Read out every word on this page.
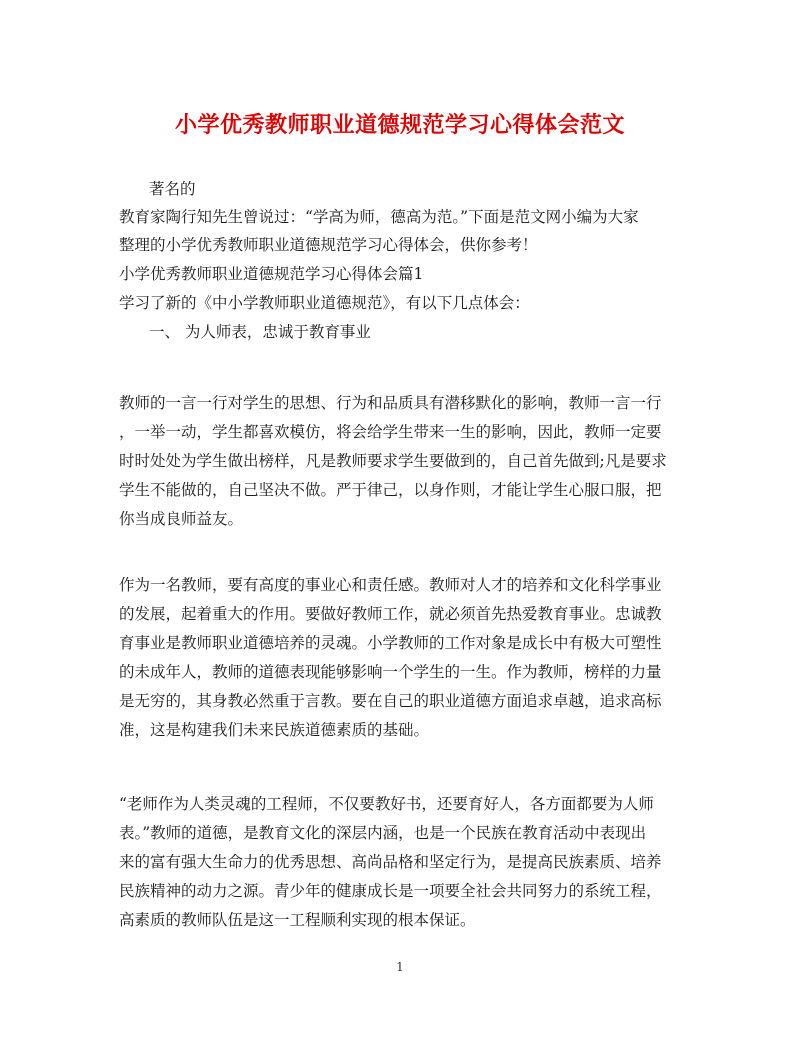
小学优秀教师职业道德规范学习心得体会范文
著名的
教育家陶行知先生曾说过：“学高为师，德高为范。”下面是范文网小编为大家
整理的小学优秀教师职业道德规范学习心得体会，供你参考！
小学优秀教师职业道德规范学习心得体会篇1
学习了新的《中小学教师职业道德规范》，有以下几点体会：
一、 为人师表，忠诚于教育事业
教师的一言一行对学生的思想、行为和品质具有潜移默化的影响，教师一言一行
，一举一动，学生都喜欢模仿，将会给学生带来一生的影响，因此，教师一定要
时时处处为学生做出榜样，凡是教师要求学生要做到的，自己首先做到;凡是要求
学生不能做的，自己坚决不做。严于律己，以身作则，才能让学生心服口服，把
你当成良师益友。
作为一名教师，要有高度的事业心和责任感。教师对人才的培养和文化科学事业
的发展，起着重大的作用。要做好教师工作，就必须首先热爱教育事业。忠诚教
育事业是教师职业道德培养的灵魂。小学教师的工作对象是成长中有极大可塑性
的未成年人，教师的道德表现能够影响一个学生的一生。作为教师，榜样的力量
是无穷的，其身教必然重于言教。要在自己的职业道德方面追求卓越，追求高标
准，这是构建我们未来民族道德素质的基础。
“老师作为人类灵魂的工程师，不仅要教好书，还要育好人，各方面都要为人师
表。”教师的道德，是教育文化的深层内涵，也是一个民族在教育活动中表现出
来的富有强大生命力的优秀思想、高尚品格和坚定行为，是提高民族素质、培养
民族精神的动力之源。青少年的健康成长是一项要全社会共同努力的系统工程，
高素质的教师队伍是这一工程顺利实现的根本保证。
1
